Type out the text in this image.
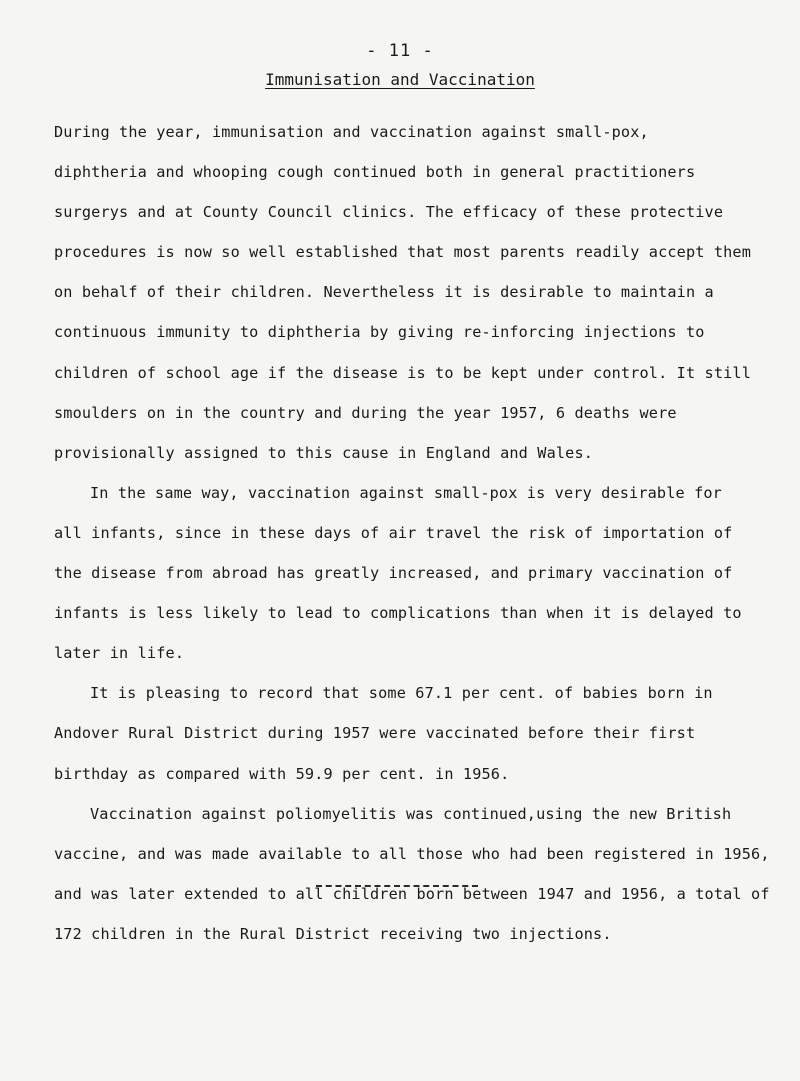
- 11 -
Immunisation and Vaccination
During the year, immunisation and vaccination against small-pox,
diphtheria and whooping cough continued both in general practitioners
surgerys and at County Council clinics. The efficacy of these protective
procedures is now so well established that most parents readily accept them
on behalf of their children. Nevertheless it is desirable to maintain a
continuous immunity to diphtheria by giving re-inforcing injections to
children of school age if the disease is to be kept under control. It still
smoulders on in the country and during the year 1957, 6 deaths were
provisionally assigned to this cause in England and Wales.
In the same way, vaccination against small-pox is very desirable for
all infants, since in these days of air travel the risk of importation of
the disease from abroad has greatly increased, and primary vaccination of
infants is less likely to lead to complications than when it is delayed to
later in life.
It is pleasing to record that some 67.1 per cent. of babies born in
Andover Rural District during 1957 were vaccinated before their first
birthday as compared with 59.9 per cent. in 1956.
Vaccination against poliomyelitis was continued,using the new British
vaccine, and was made available to all those who had been registered in 1956,
and was later extended to all children born between 1947 and 1956, a total of
172 children in the Rural District receiving two injections.
